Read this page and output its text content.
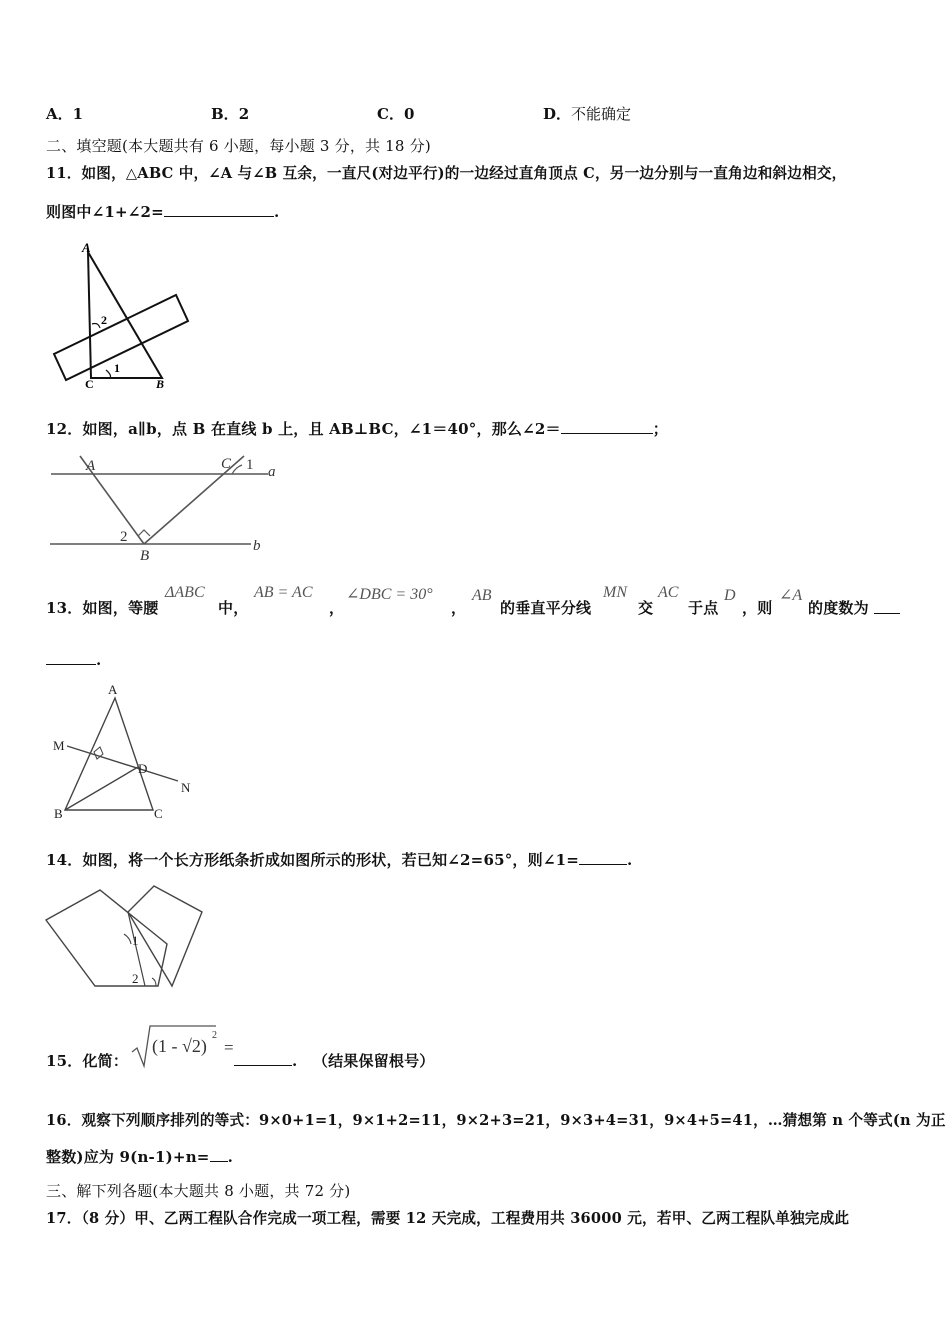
A．1	B．2	C．0	D．不能确定
二、填空题(本大题共有 6 小题，每小题 3 分，共 18 分)
11．如图，△ABC 中，∠A 与∠B 互余，一直尺(对边平行)的一边经过直角顶点 C，另一边分别与一直角边和斜边相交，
则图中∠1+∠2=	.
A
C	B
1
2
12．如图，a∥b，点 B 在直线 b 上，且 AB⊥BC，∠1＝40°，那么∠2＝	；
A	C 1 a
2
B
b
13．如图，等腰
ΔABC
中，
AB = AC
，
∠DBC = 30°
，
AB
的垂直平分线
MN
交
AC
于点
D
，则
∠A
的度数为
.
A
M
D
N
B	C
14．如图，将一个长方形纸条折成如图所示的形状，若已知∠2=65°，则∠1=	.
1
2
15．化简：
(1 - √2)
2
=
. （结果保留根号）
16．观察下列顺序排列的等式：9×0+1=1，9×1+2=11，9×2+3=21，9×3+4=31，9×4+5=41，…猜想第 n 个等式(n 为正
整数)应为 9(n-1)+n= .
三、解下列各题(本大题共 8 小题，共 72 分)
17．（8 分）甲、乙两工程队合作完成一项工程，需要 12 天完成，工程费用共 36000 元，若甲、乙两工程队单独完成此
